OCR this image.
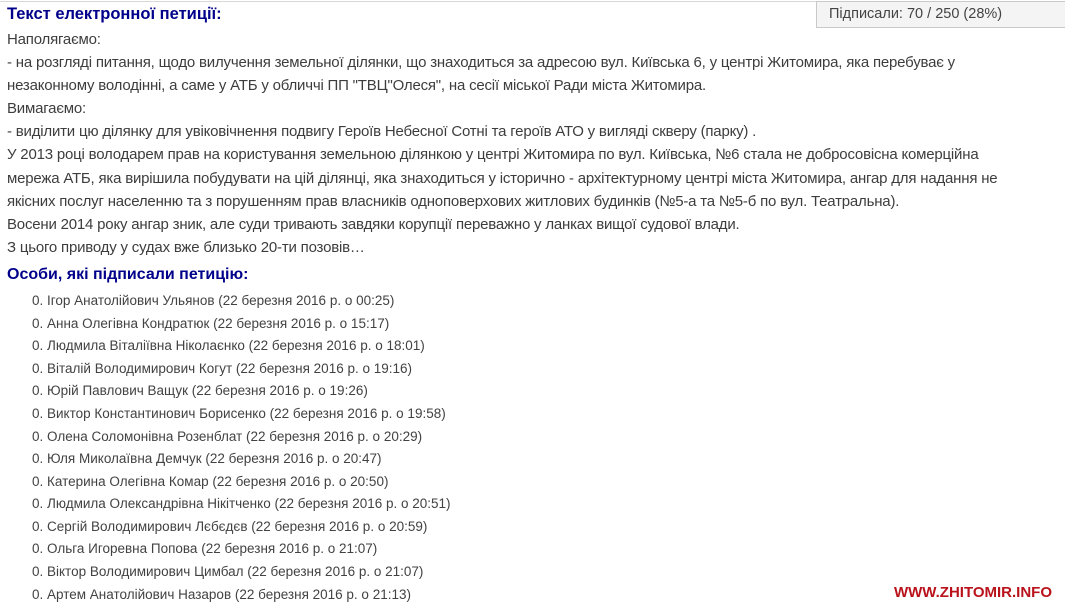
Підписали: 70 / 250 (28%)
Текст електронної петиції:
Наполягаємо:
- на розгляді питання, щодо вилучення земельної ділянки, що знаходиться за адресою вул. Київська 6, у центрі Житомира, яка перебуває у
незаконному володінні, а саме у АТБ у обличчі ПП "ТВЦ"Олеся", на сесії міської Ради міста Житомира.
Вимагаємо:
- виділити цю ділянку для увіковічнення подвигу Героїв Небесної Сотні та героїв АТО у вигляді скверу (парку) .
У 2013 році володарем прав на користування земельною ділянкою у центрі Житомира по вул. Київська, №6 стала не добросовісна комерційна
мережа АТБ, яка вирішила побудувати на цій ділянці, яка знаходиться у історично - архітектурному центрі міста Житомира, ангар для надання не
якісних послуг населенню та з порушенням прав власників одноповерхових житлових будинків (№5-а та №5-б по вул. Театральна).
Восени 2014 року ангар зник, але суди тривають завдяки корупції переважно у ланках вищої судової влади.
З цього приводу у судах вже близько 20-ти позовів…
Особи, які підписали петицію:
0. Ігор Анатолійович Ульянов (22 березня 2016 р. о 00:25)
0. Анна Олегівна Кондратюк (22 березня 2016 р. о 15:17)
0. Людмила Віталіївна Ніколаєнко (22 березня 2016 р. о 18:01)
0. Віталій Володимирович Когут (22 березня 2016 р. о 19:16)
0. Юрій Павлович Ващук (22 березня 2016 р. о 19:26)
0. Виктор Константинович Борисенко (22 березня 2016 р. о 19:58)
0. Олена Соломонівна Розенблат (22 березня 2016 р. о 20:29)
0. Юля Миколаївна Демчук (22 березня 2016 р. о 20:47)
0. Катерина Олегівна Комар (22 березня 2016 р. о 20:50)
0. Людмила Олександрівна Нікітченко (22 березня 2016 р. о 20:51)
0. Сергій Володимирович Лєбєдєв (22 березня 2016 р. о 20:59)
0. Ольга Игоревна Попова (22 березня 2016 р. о 21:07)
0. Віктор Володимирович Цимбал (22 березня 2016 р. о 21:07)
0. Артем Анатолійович Назаров (22 березня 2016 р. о 21:13)	WWW.ZHITOMIR.INFO
